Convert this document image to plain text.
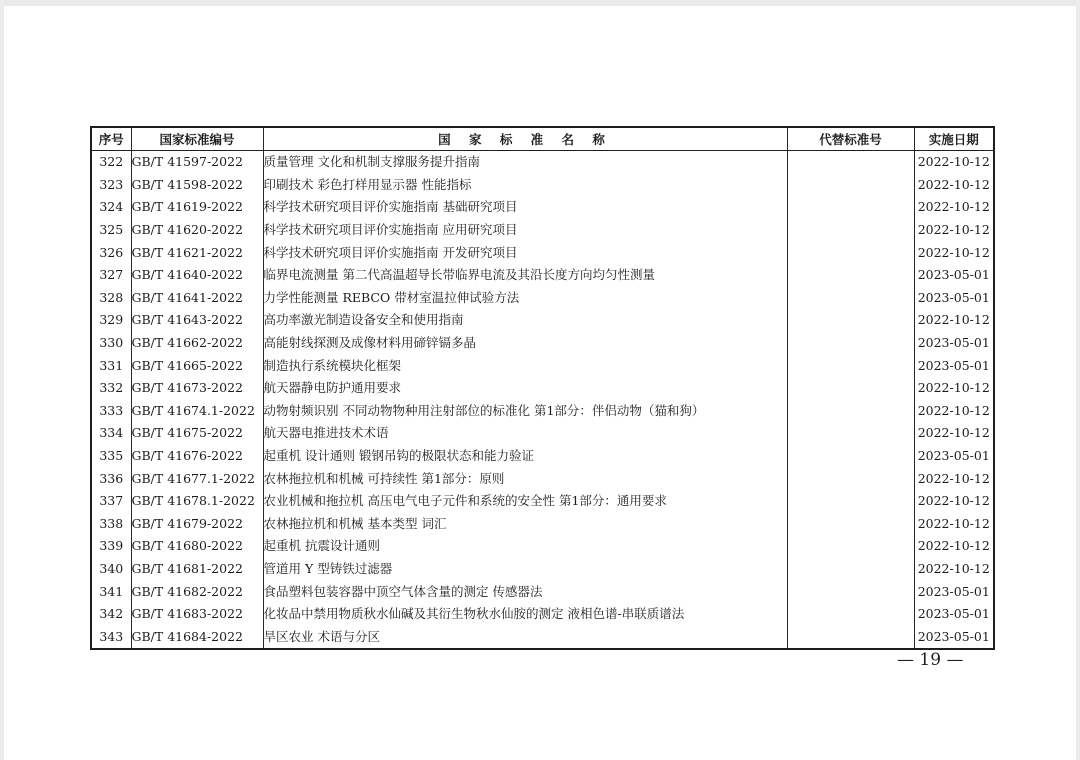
序号	国家标准编号	国 家 标 准 名 称	代替标准号	实施日期
322	GB/T 41597-2022	质量管理 文化和机制支撑服务提升指南		2022-10-12
323	GB/T 41598-2022	印刷技术 彩色打样用显示器 性能指标		2022-10-12
324	GB/T 41619-2022	科学技术研究项目评价实施指南 基础研究项目		2022-10-12
325	GB/T 41620-2022	科学技术研究项目评价实施指南 应用研究项目		2022-10-12
326	GB/T 41621-2022	科学技术研究项目评价实施指南 开发研究项目		2022-10-12
327	GB/T 41640-2022	临界电流测量 第二代高温超导长带临界电流及其沿长度方向均匀性测量		2023-05-01
328	GB/T 41641-2022	力学性能测量 REBCO 带材室温拉伸试验方法		2023-05-01
329	GB/T 41643-2022	高功率激光制造设备安全和使用指南		2022-10-12
330	GB/T 41662-2022	高能射线探测及成像材料用碲锌镉多晶		2023-05-01
331	GB/T 41665-2022	制造执行系统模块化框架		2023-05-01
332	GB/T 41673-2022	航天器静电防护通用要求		2022-10-12
333	GB/T 41674.1-2022	动物射频识别 不同动物物种用注射部位的标准化 第1部分：伴侣动物（猫和狗）		2022-10-12
334	GB/T 41675-2022	航天器电推进技术术语		2022-10-12
335	GB/T 41676-2022	起重机 设计通则 锻钢吊钩的极限状态和能力验证		2023-05-01
336	GB/T 41677.1-2022	农林拖拉机和机械 可持续性 第1部分：原则		2022-10-12
337	GB/T 41678.1-2022	农业机械和拖拉机 高压电气电子元件和系统的安全性 第1部分：通用要求		2022-10-12
338	GB/T 41679-2022	农林拖拉机和机械 基本类型 词汇		2022-10-12
339	GB/T 41680-2022	起重机 抗震设计通则		2022-10-12
340	GB/T 41681-2022	管道用 Y 型铸铁过滤器		2022-10-12
341	GB/T 41682-2022	食品塑料包装容器中顶空气体含量的测定 传感器法		2023-05-01
342	GB/T 41683-2022	化妆品中禁用物质秋水仙碱及其衍生物秋水仙胺的测定 液相色谱-串联质谱法		2023-05-01
343	GB/T 41684-2022	旱区农业 术语与分区		2023-05-01
— 19 —
